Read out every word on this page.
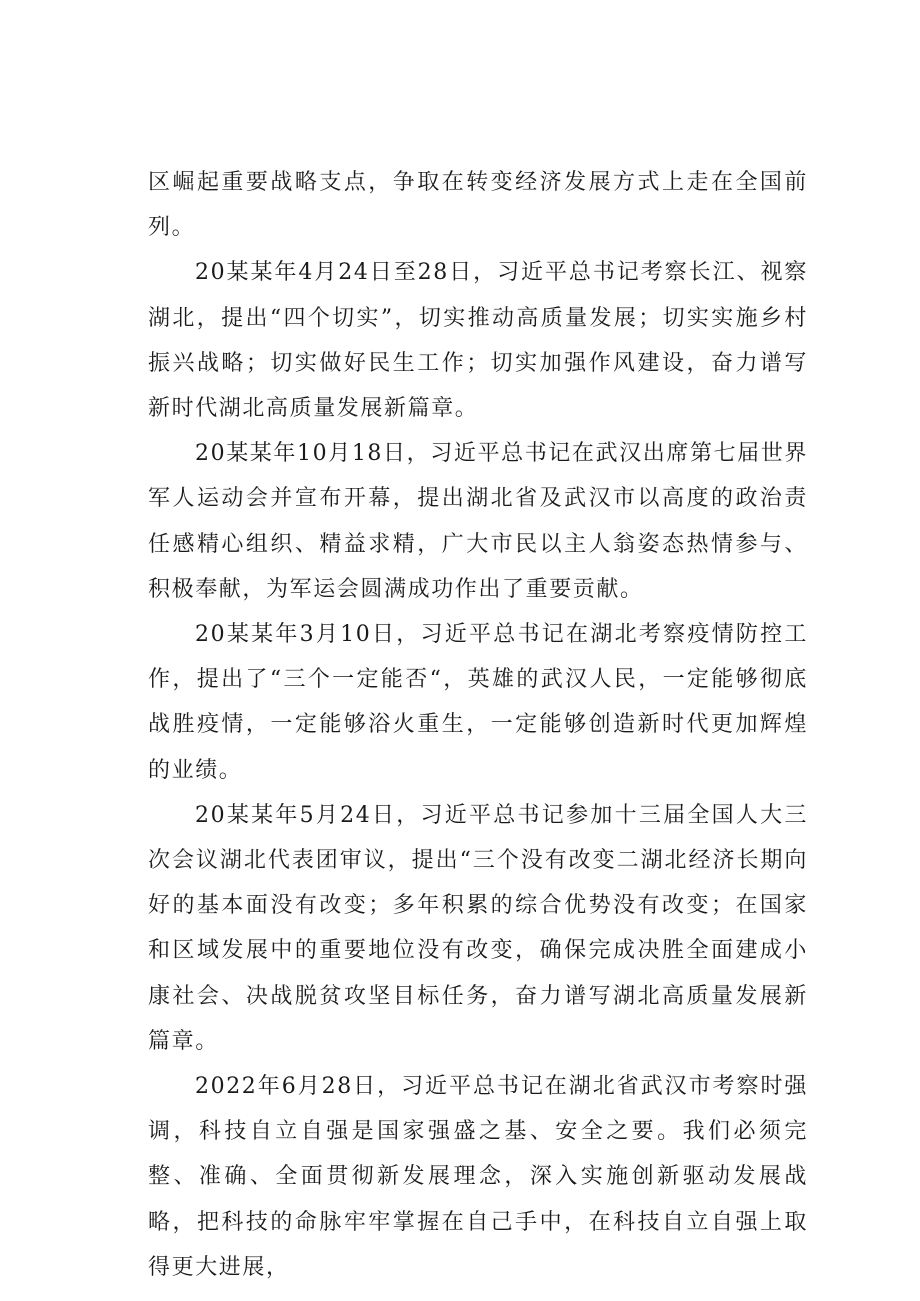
区崛起重要战略支点，争取在转变经济发展方式上走在全国前列。

20某某年4月24日至28日，习近平总书记考察长江、视察湖北，提出“四个切实”，切实推动高质量发展；切实实施乡村振兴战略；切实做好民生工作；切实加强作风建设，奋力谱写新时代湖北高质量发展新篇章。

20某某年10月18日，习近平总书记在武汉出席第七届世界军人运动会并宣布开幕，提出湖北省及武汉市以高度的政治责任感精心组织、精益求精，广大市民以主人翁姿态热情参与、积极奉献，为军运会圆满成功作出了重要贡献。

20某某年3月10日，习近平总书记在湖北考察疫情防控工作，提出了“三个一定能否“，英雄的武汉人民，一定能够彻底战胜疫情，一定能够浴火重生，一定能够创造新时代更加辉煌的业绩。

20某某年5月24日，习近平总书记参加十三届全国人大三次会议湖北代表团审议，提出“三个没有改变二湖北经济长期向好的基本面没有改变；多年积累的综合优势没有改变；在国家和区域发展中的重要地位没有改变，确保完成决胜全面建成小康社会、决战脱贫攻坚目标任务，奋力谱写湖北高质量发展新篇章。

2022年6月28日，习近平总书记在湖北省武汉市考察时强调，科技自立自强是国家强盛之基、安全之要。我们必须完整、准确、全面贯彻新发展理念，深入实施创新驱动发展战略，把科技的命脉牢牢掌握在自己手中，在科技自立自强上取得更大进展，
